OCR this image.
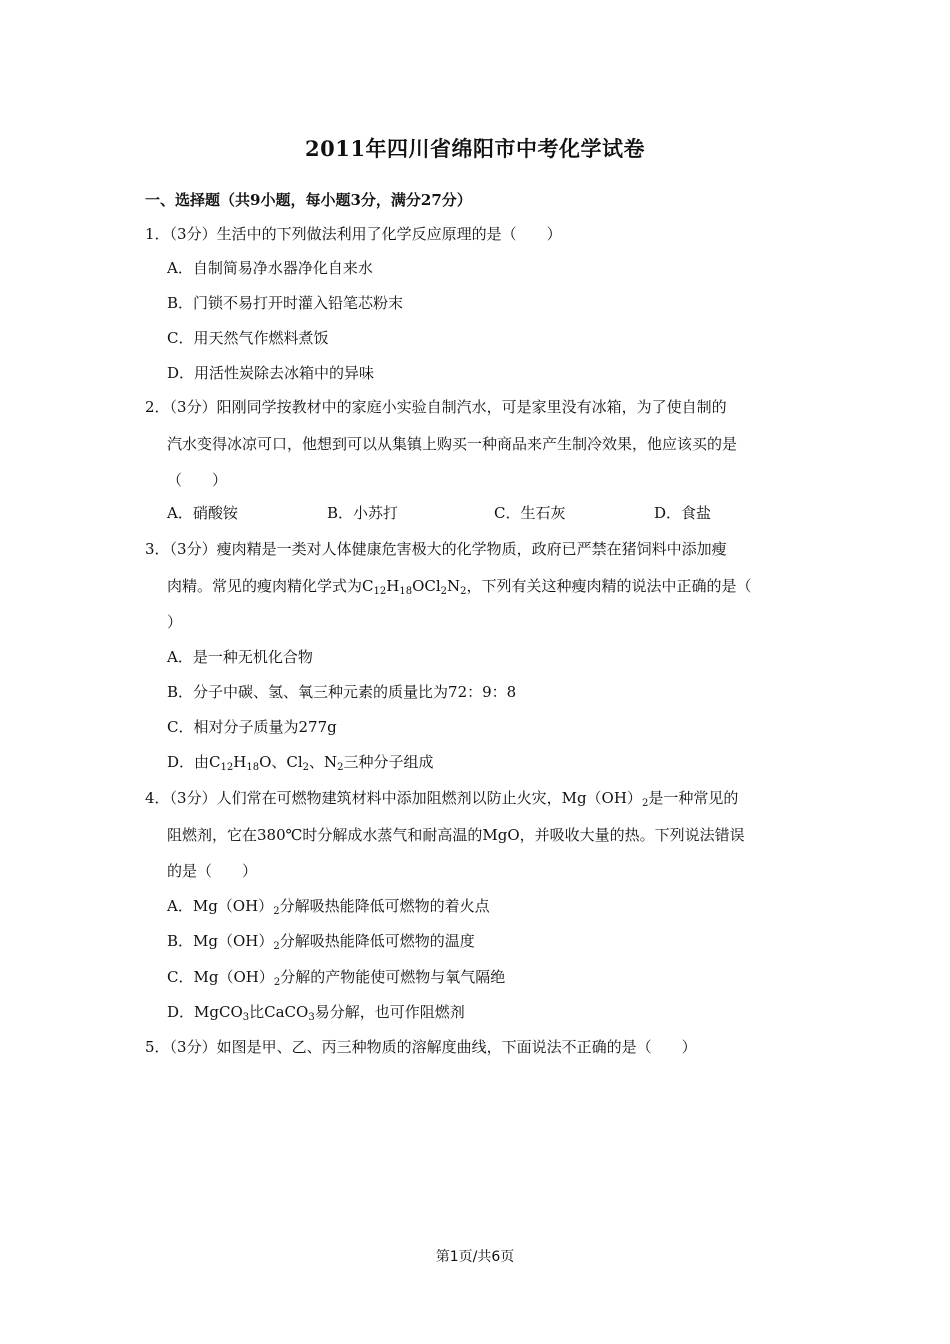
2011年四川省绵阳市中考化学试卷
一、选择题（共9小题，每小题3分，满分27分）
1．（3分）生活中的下列做法利用了化学反应原理的是（　　）
A．自制简易净水器净化自来水
B．门锁不易打开时灌入铅笔芯粉末
C．用天然气作燃料煮饭
D．用活性炭除去冰箱中的异味
2．（3分）阳刚同学按教材中的家庭小实验自制汽水，可是家里没有冰箱，为了使自制的
汽水变得冰凉可口，他想到可以从集镇上购买一种商品来产生制冷效果，他应该买的是
（　　）
A．硝酸铵	B．小苏打	C．生石灰	D．食盐
3．（3分）瘦肉精是一类对人体健康危害极大的化学物质，政府已严禁在猪饲料中添加瘦
肉精。常见的瘦肉精化学式为$C_{12}H_{18}OCl_2N_2$，下列有关这种瘦肉精的说法中正确的是（
）
A．是一种无机化合物
B．分子中碳、氢、氧三种元素的质量比为72：9：8
C．相对分子质量为277g
D．由$C_{12}H_{18}O$、$Cl_2$、$N_2$三种分子组成
4．（3分）人们常在可燃物建筑材料中添加阻燃剂以防止火灾，$Mg(OH)_2$是一种常见的
阻燃剂，它在380℃时分解成水蒸气和耐高温的MgO，并吸收大量的热。下列说法错误
的是（　　）
A．$Mg(OH)_2$分解吸热能降低可燃物的着火点
B．$Mg(OH)_2$分解吸热能降低可燃物的温度
C．$Mg(OH)_2$分解的产物能使可燃物与氧气隔绝
D．MgCO$_3$比CaCO$_3$易分解，也可作阻燃剂
5．（3分）如图是甲、乙、丙三种物质的溶解度曲线，下面说法不正确的是（　　）
第1页/共6页
